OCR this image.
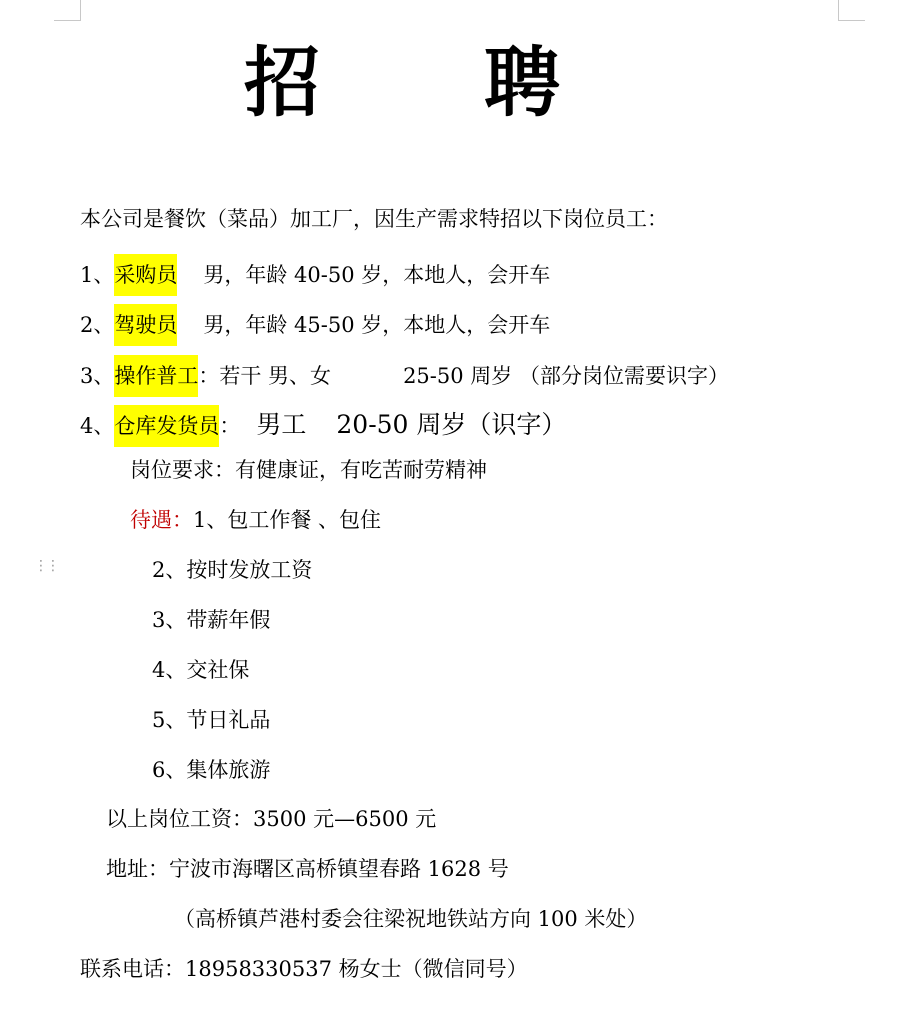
⋮⋮
招 聘
本公司是餐饮（菜品）加工厂，因生产需求特招以下岗位员工：
1、采购员 男，年龄 40-50 岁，本地人，会开车
2、驾驶员 男，年龄 45-50 岁，本地人，会开车
3、操作普工：若干 男、女	25-50 周岁 （部分岗位需要识字）
4、仓库发货员： 男工 20-50 周岁（识字）
岗位要求：有健康证，有吃苦耐劳精神
待遇：1、包工作餐 、包住
2、按时发放工资
3、带薪年假
4、交社保
5、节日礼品
6、集体旅游
以上岗位工资：3500 元—6500 元
地址：宁波市海曙区高桥镇望春路 1628 号
（高桥镇芦港村委会往梁祝地铁站方向 100 米处）
联系电话：18958330537 杨女士（微信同号）
